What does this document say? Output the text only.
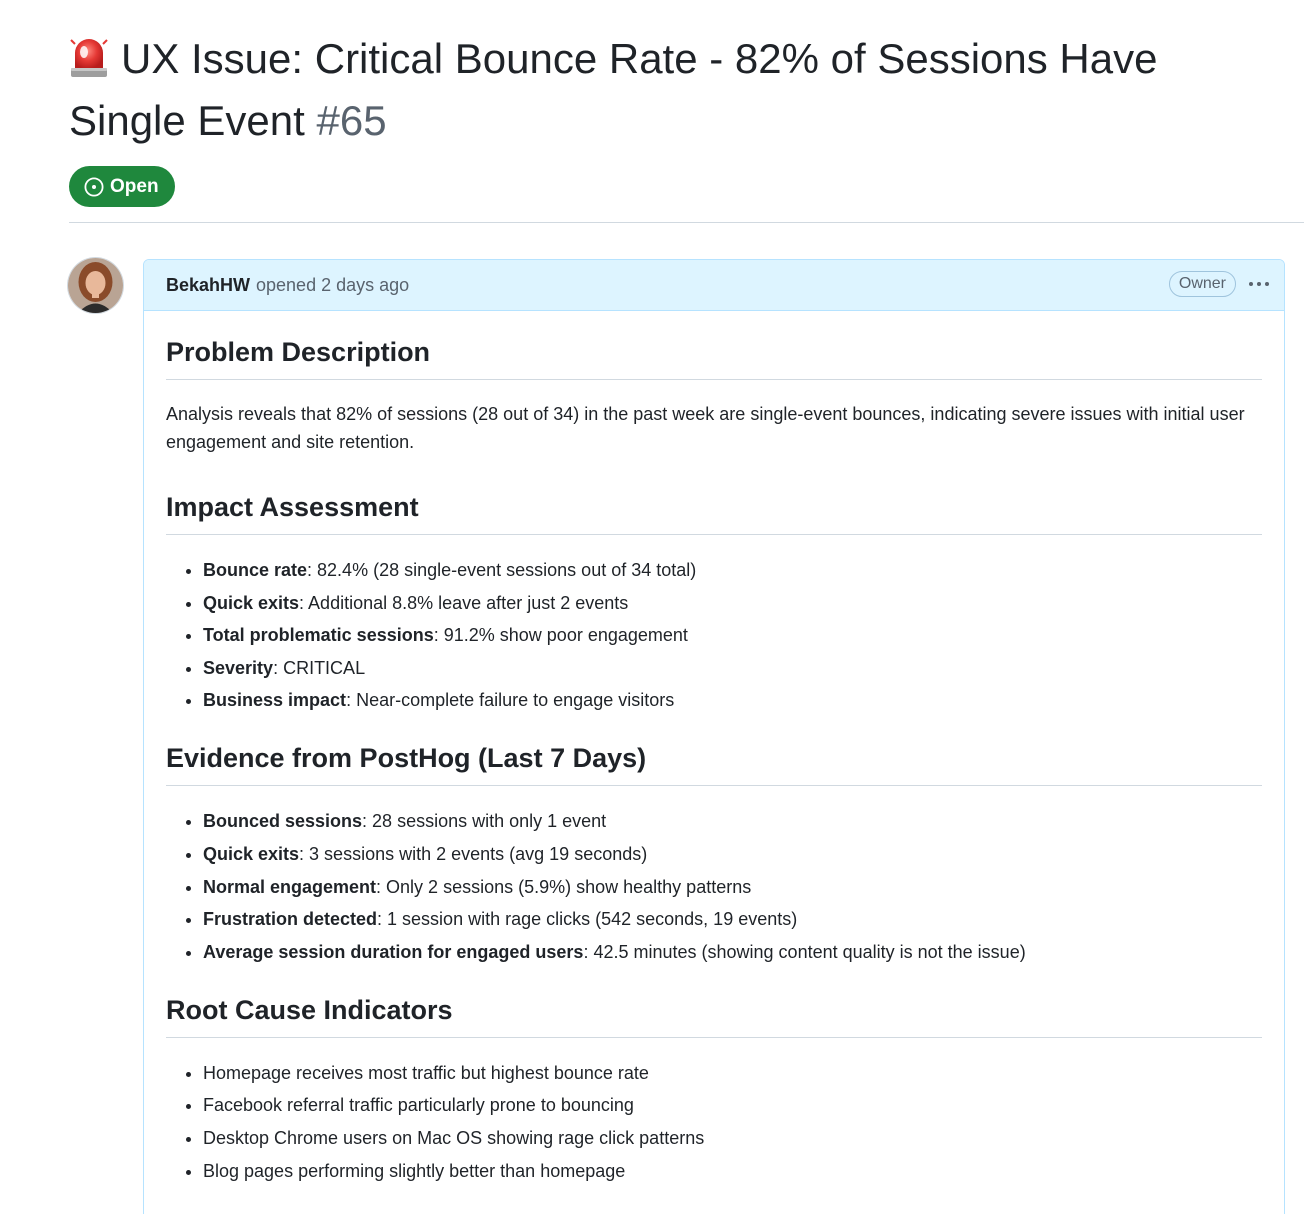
UX Issue: Critical Bounce Rate - 82% of Sessions Have Single Event #65
Open
BekahHW opened 2 days ago	Owner
Problem Description

Analysis reveals that 82% of sessions (28 out of 34) in the past week are single-event bounces, indicating severe issues with initial user engagement and site retention.

Impact Assessment
• Bounce rate: 82.4% (28 single-event sessions out of 34 total)
• Quick exits: Additional 8.8% leave after just 2 events
• Total problematic sessions: 91.2% show poor engagement
• Severity: CRITICAL
• Business impact: Near-complete failure to engage visitors
Evidence from PostHog (Last 7 Days)
• Bounced sessions: 28 sessions with only 1 event
• Quick exits: 3 sessions with 2 events (avg 19 seconds)
• Normal engagement: Only 2 sessions (5.9%) show healthy patterns
• Frustration detected: 1 session with rage clicks (542 seconds, 19 events)
• Average session duration for engaged users: 42.5 minutes (showing content quality is not the issue)
Root Cause Indicators
• Homepage receives most traffic but highest bounce rate
• Facebook referral traffic particularly prone to bouncing
• Desktop Chrome users on Mac OS showing rage click patterns
• Blog pages performing slightly better than homepage
